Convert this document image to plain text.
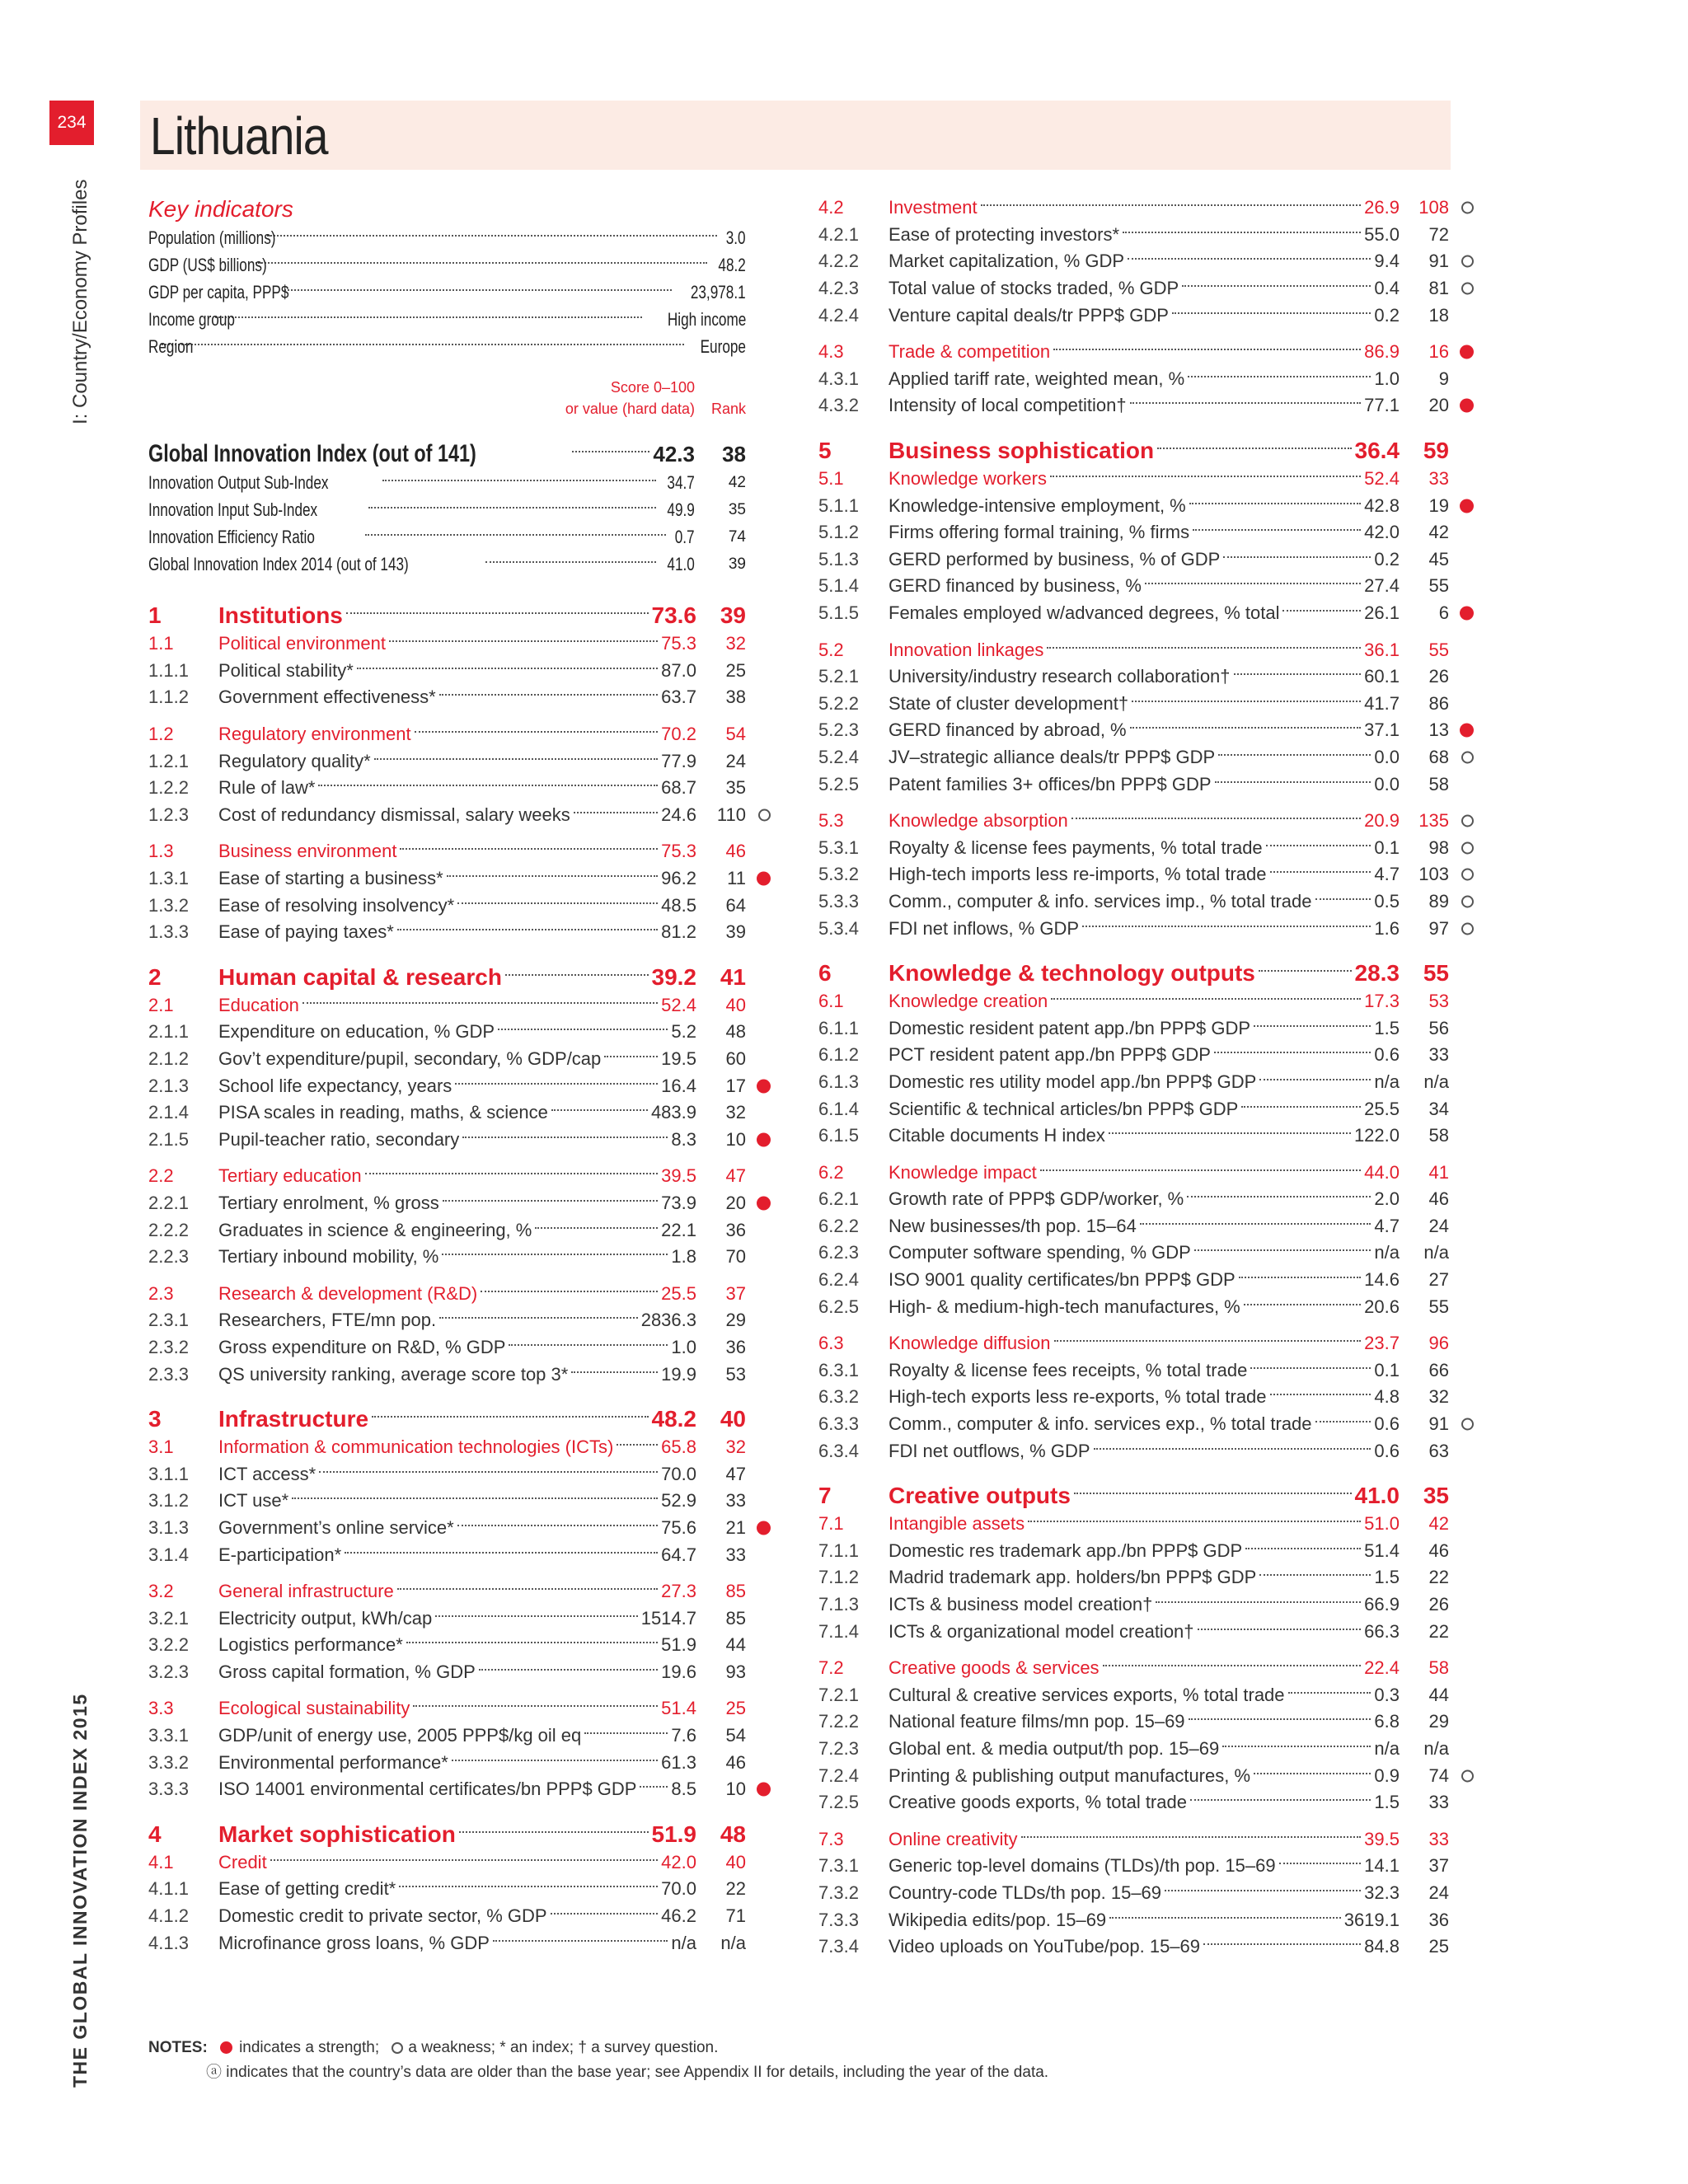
234 Lithuania
I: Country/Economy Profiles
THE GLOBAL INNOVATION INDEX 2015
Key indicators
Population (millions)	3.0
GDP (US$ billions)	48.2
GDP per capita, PPP$	23,978.1
Income group	High income
Region	Europe
Score 0–100
or value (hard data) Rank
Global Innovation Index (out of 141)	42.3	38
Innovation Output Sub-Index	34.7	42
Innovation Input Sub-Index	49.9	35
Innovation Efficiency Ratio	0.7	74
Global Innovation Index 2014 (out of 143)	41.0	39
1	Institutions	73.6	39
1.1	Political environment	75.3	32
1.1.1	Political stability*	87.0	25
1.1.2	Government effectiveness*	63.7	38
1.2	Regulatory environment	70.2	54
1.2.1	Regulatory quality*	77.9	24
1.2.2	Rule of law*	68.7	35
1.2.3	Cost of redundancy dismissal, salary weeks	24.6	110
1.3	Business environment	75.3	46
1.3.1	Ease of starting a business*	96.2	11
1.3.2	Ease of resolving insolvency*	48.5	64
1.3.3	Ease of paying taxes*	81.2	39
2	Human capital & research	39.2	41
2.1	Education	52.4	40
2.1.1	Expenditure on education, % GDP	5.2	48
2.1.2	Gov’t expenditure/pupil, secondary, % GDP/cap	19.5	60
2.1.3	School life expectancy, years	16.4	17
2.1.4	PISA scales in reading, maths, & science	483.9	32
2.1.5	Pupil-teacher ratio, secondary	8.3	10
2.2	Tertiary education	39.5	47
2.2.1	Tertiary enrolment, % gross	73.9	20
2.2.2	Graduates in science & engineering, %	22.1	36
2.2.3	Tertiary inbound mobility, %	1.8	70
2.3	Research & development (R&D)	25.5	37
2.3.1	Researchers, FTE/mn pop.	2836.3	29
2.3.2	Gross expenditure on R&D, % GDP	1.0	36
2.3.3	QS university ranking, average score top 3*	19.9	53
3	Infrastructure	48.2	40
3.1	Information & communication technologies (ICTs)	65.8	32
3.1.1	ICT access*	70.0	47
3.1.2	ICT use*	52.9	33
3.1.3	Government’s online service*	75.6	21
3.1.4	E-participation*	64.7	33
3.2	General infrastructure	27.3	85
3.2.1	Electricity output, kWh/cap	1514.7	85
3.2.2	Logistics performance*	51.9	44
3.2.3	Gross capital formation, % GDP	19.6	93
3.3	Ecological sustainability	51.4	25
3.3.1	GDP/unit of energy use, 2005 PPP$/kg oil eq	7.6	54
3.3.2	Environmental performance*	61.3	46
3.3.3	ISO 14001 environmental certificates/bn PPP$ GDP 8.5	10
4	Market sophistication	51.9	48
4.1	Credit	42.0	40
4.1.1	Ease of getting credit*	70.0	22
4.1.2	Domestic credit to private sector, % GDP	46.2	71
4.1.3	Microfinance gross loans, % GDP	n/a	n/a
4.2	Investment	26.9	108
4.2.1	Ease of protecting investors*	55.0	72
4.2.2	Market capitalization, % GDP	9.4	91
4.2.3	Total value of stocks traded, % GDP	0.4	81
4.2.4	Venture capital deals/tr PPP$ GDP	0.2	18
4.3	Trade & competition	86.9	16
4.3.1	Applied tariff rate, weighted mean, %	1.0	9
4.3.2	Intensity of local competition†	77.1	20
5	Business sophistication	36.4	59
5.1	Knowledge workers	52.4	33
5.1.1	Knowledge-intensive employment, %	42.8	19
5.1.2	Firms offering formal training, % firms	42.0	42
5.1.3	GERD performed by business, % of GDP	0.2	45
5.1.4	GERD financed by business, %	27.4	55
5.1.5	Females employed w/advanced degrees, % total	26.1	6
5.2	Innovation linkages	36.1	55
5.2.1	University/industry research collaboration†	60.1	26
5.2.2	State of cluster development†	41.7	86
5.2.3	GERD financed by abroad, %	37.1	13
5.2.4	JV–strategic alliance deals/tr PPP$ GDP	0.0	68
5.2.5	Patent families 3+ offices/bn PPP$ GDP	0.0	58
5.3	Knowledge absorption	20.9	135
5.3.1	Royalty & license fees payments, % total trade	0.1	98
5.3.2	High-tech imports less re-imports, % total trade	4.7	103
5.3.3	Comm., computer & info. services imp., % total trade	0.5	89
5.3.4	FDI net inflows, % GDP	1.6	97
6	Knowledge & technology outputs	28.3	55
6.1	Knowledge creation	17.3	53
6.1.1	Domestic resident patent app./bn PPP$ GDP	1.5	56
6.1.2	PCT resident patent app./bn PPP$ GDP	0.6	33
6.1.3	Domestic res utility model app./bn PPP$ GDP	n/a	n/a
6.1.4	Scientific & technical articles/bn PPP$ GDP	25.5	34
6.1.5	Citable documents H index	122.0	58
6.2	Knowledge impact	44.0	41
6.2.1	Growth rate of PPP$ GDP/worker, %	2.0	46
6.2.2	New businesses/th pop. 15–64	4.7	24
6.2.3	Computer software spending, % GDP	n/a	n/a
6.2.4	ISO 9001 quality certificates/bn PPP$ GDP	14.6	27
6.2.5	High- & medium-high-tech manufactures, %	20.6	55
6.3	Knowledge diffusion	23.7	96
6.3.1	Royalty & license fees receipts, % total trade	0.1	66
6.3.2	High-tech exports less re-exports, % total trade	4.8	32
6.3.3	Comm., computer & info. services exp., % total trade	0.6	91
6.3.4	FDI net outflows, % GDP	0.6	63
7	Creative outputs	41.0	35
7.1	Intangible assets	51.0	42
7.1.1	Domestic res trademark app./bn PPP$ GDP	51.4	46
7.1.2	Madrid trademark app. holders/bn PPP$ GDP	1.5	22
7.1.3	ICTs & business model creation†	66.9	26
7.1.4	ICTs & organizational model creation†	66.3	22
7.2	Creative goods & services	22.4	58
7.2.1	Cultural & creative services exports, % total trade	0.3	44
7.2.2	National feature films/mn pop. 15–69	6.8	29
7.2.3	Global ent. & media output/th pop. 15–69	n/a	n/a
7.2.4	Printing & publishing output manufactures, %	0.9	74
7.2.5	Creative goods exports, % total trade	1.5	33
7.3	Online creativity	39.5	33
7.3.1	Generic top-level domains (TLDs)/th pop. 15–69	14.1	37
7.3.2	Country-code TLDs/th pop. 15–69	32.3	24
7.3.3	Wikipedia edits/pop. 15–69	3619.1	36
7.3.4	Video uploads on YouTube/pop. 15–69	84.8	25
NOTES: indicates a strength; a weakness; * an index; † a survey question.
ⓐ indicates that the country’s data are older than the base year; see Appendix II for details, including the year of the data.
